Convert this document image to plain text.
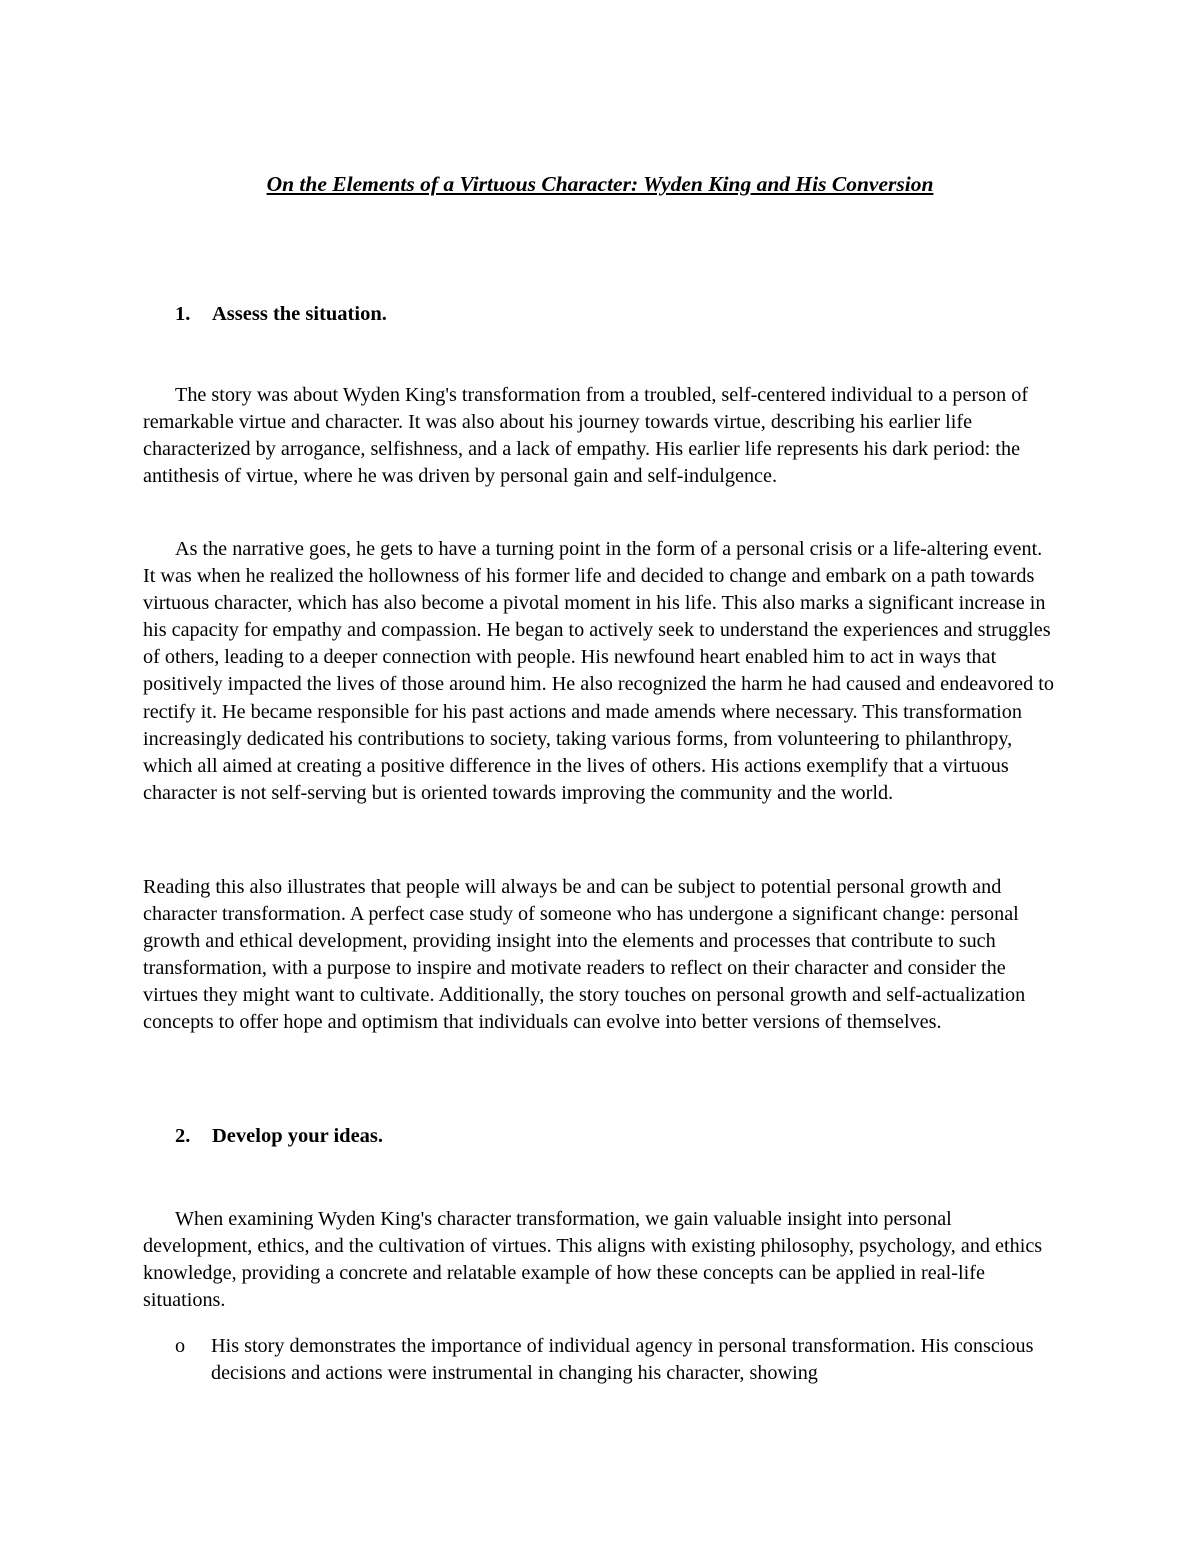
On the Elements of a Virtuous Character: Wyden King and His Conversion
1. Assess the situation.

The story was about Wyden King's transformation from a troubled, self-centered individual to a person of remarkable virtue and character. It was also about his journey towards virtue, describing his earlier life characterized by arrogance, selfishness, and a lack of empathy. His earlier life represents his dark period: the antithesis of virtue, where he was driven by personal gain and self-indulgence.

As the narrative goes, he gets to have a turning point in the form of a personal crisis or a life-altering event. It was when he realized the hollowness of his former life and decided to change and embark on a path towards virtuous character, which has also become a pivotal moment in his life. This also marks a significant increase in his capacity for empathy and compassion. He began to actively seek to understand the experiences and struggles of others, leading to a deeper connection with people. His newfound heart enabled him to act in ways that positively impacted the lives of those around him. He also recognized the harm he had caused and endeavored to rectify it. He became responsible for his past actions and made amends where necessary. This transformation increasingly dedicated his contributions to society, taking various forms, from volunteering to philanthropy, which all aimed at creating a positive difference in the lives of others. His actions exemplify that a virtuous character is not self-serving but is oriented towards improving the community and the world.

Reading this also illustrates that people will always be and can be subject to potential personal growth and character transformation. A perfect case study of someone who has undergone a significant change: personal growth and ethical development, providing insight into the elements and processes that contribute to such transformation, with a purpose to inspire and motivate readers to reflect on their character and consider the virtues they might want to cultivate. Additionally, the story touches on personal growth and self-actualization concepts to offer hope and optimism that individuals can evolve into better versions of themselves.

2. Develop your ideas.

When examining Wyden King's character transformation, we gain valuable insight into personal development, ethics, and the cultivation of virtues. This aligns with existing philosophy, psychology, and ethics knowledge, providing a concrete and relatable example of how these concepts can be applied in real-life situations.

o	His story demonstrates the importance of individual agency in personal transformation. His conscious decisions and actions were instrumental in changing his character, showing
